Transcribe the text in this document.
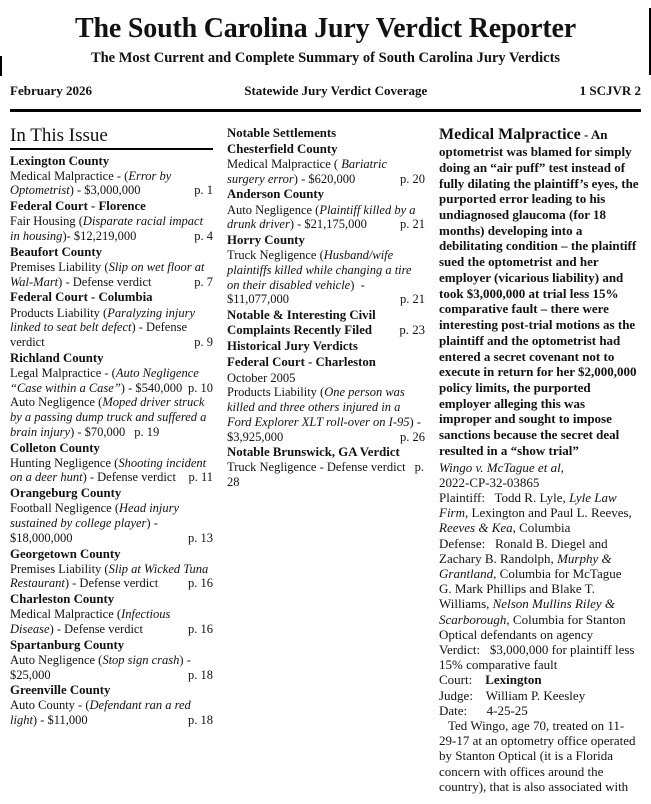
The South Carolina Jury Verdict Reporter
The Most Current and Complete Summary of South Carolina Jury Verdicts
February 2026	Statewide Jury Verdict Coverage	1 SCJVR 2
In This Issue
Lexington County
Medical Malpractice - (Error by Optometrist) - $3,000,000	p. 1
Federal Court - Florence
Fair Housing (Disparate racial impact in housing)- $12,219,000	p. 4
Beaufort County
Premises Liability (Slip on wet floor at Wal-Mart) - Defense verdict	p. 7
Federal Court - Columbia
Products Liability (Paralyzing injury linked to seat belt defect) - Defense verdict	p. 9
Richland County
Legal Malpractice - (Auto Negligence “Case within a Case”) - $540,000 p. 10
Auto Negligence (Moped driver struck by a passing dump truck and suffered a brain injury) - $70,000 p. 19
Colleton County
Hunting Negligence (Shooting incident on a deer hunt) - Defense verdict p. 11
Orangeburg County
Football Negligence (Head injury sustained by college player) - $18,000,000	p. 13
Georgetown County
Premises Liability (Slip at Wicked Tuna Restaurant) - Defense verdict p. 16
Charleston County
Medical Malpractice (Infectious Disease) - Defense verdict	p. 16
Spartanburg County
Auto Negligence (Stop sign crash) - $25,000	p. 18
Greenville County
Auto County - (Defendant ran a red light) - $11,000	p. 18
Notable Settlements
Chesterfield County
Medical Malpractice ( Bariatric surgery error) - $620,000	p. 20
Anderson County
Auto Negligence (Plaintiff killed by a drunk driver) - $21,175,000	p. 21
Horry County
Truck Negligence (Husband/wife plaintiffs killed while changing a tire on their disabled vehicle)  - $11,077,000	p. 21
Notable & Interesting Civil Complaints Recently Filed p. 23
Historical Jury Verdicts
Federal Court - Charleston
October 2005
Products Liability (One person was killed and three others injured in a Ford Explorer XLT roll-over on I-95) - $3,925,000	p. 26
Notable Brunswick, GA Verdict
Truck Negligence - Defense verdict p. 28
Medical Malpractice - An optometrist was blamed for simply doing an “air puff” test instead of fully dilating the plaintiff’s eyes, the purported error leading to his undiagnosed glaucoma (for 18 months) developing into a debilitating condition – the plaintiff sued the optometrist and her employer (vicarious liability) and took $3,000,000 at trial less 15% comparative fault – there were interesting post-trial motions as the plaintiff and the optometrist had entered a secret covenant not to execute in return for her $2,000,000 policy limits, the purported employer alleging this was improper and sought to impose sanctions because the secret deal resulted in a “show trial”
Wingo v. McTague et al,
2022-CP-32-03865
Plaintiff:   Todd R. Lyle, Lyle Law Firm, Lexington and Paul L. Reeves, Reeves & Kea, Columbia
Defense:   Ronald B. Diegel and Zachary B. Randolph, Murphy & Grantland, Columbia for McTague
G. Mark Phillips and Blake T. Williams, Nelson Mullins Riley & Scarborough, Columbia for Stanton Optical defendants on agency
Verdict:   $3,000,000 for plaintiff less 15% comparative fault
Court:    Lexington
Judge:    William P. Keesley
Date:      4-25-25
Ted Wingo, age 70, treated on 11-29-17 at an optometry office operated by Stanton Optical (it is a Florida concern with offices around the country), that is also associated with
